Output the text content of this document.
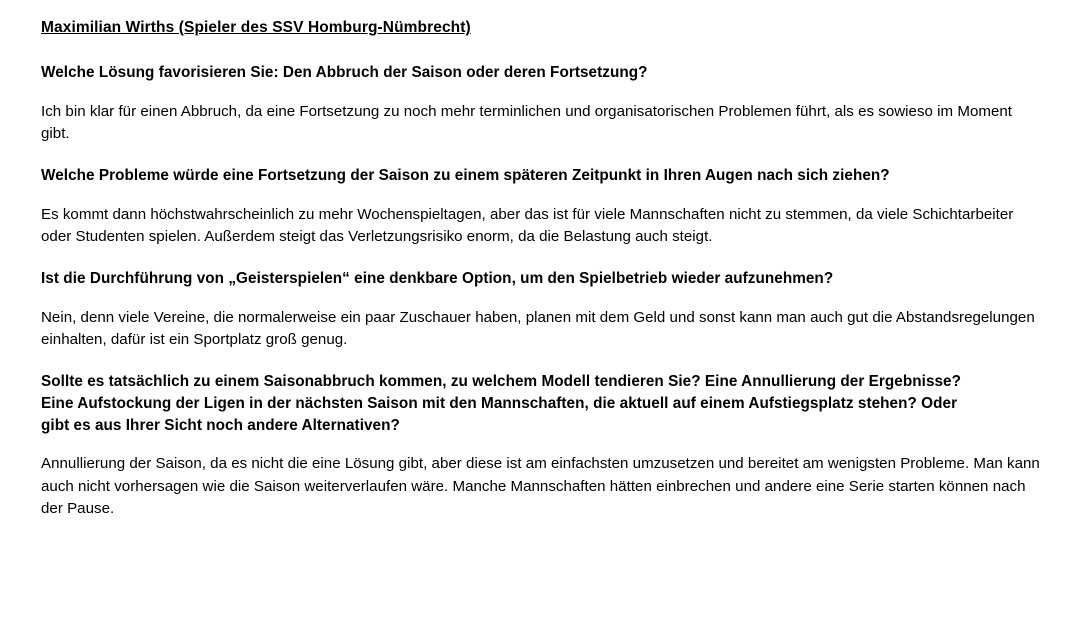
Maximilian Wirths (Spieler des SSV Homburg-Nümbrecht)

Welche Lösung favorisieren Sie: Den Abbruch der Saison oder deren Fortsetzung?

Ich bin klar für einen Abbruch, da eine Fortsetzung zu noch mehr terminlichen und organisatorischen Problemen führt, als es sowieso im Moment gibt.

Welche Probleme würde eine Fortsetzung der Saison zu einem späteren Zeitpunkt in Ihren Augen nach sich ziehen?

Es kommt dann höchstwahrscheinlich zu mehr Wochenspieltagen, aber das ist für viele Mannschaften nicht zu stemmen, da viele Schichtarbeiter oder Studenten spielen. Außerdem steigt das Verletzungsrisiko enorm, da die Belastung auch steigt.

Ist die Durchführung von „Geisterspielen“ eine denkbare Option, um den Spielbetrieb wieder aufzunehmen?

Nein, denn viele Vereine, die normalerweise ein paar Zuschauer haben, planen mit dem Geld und sonst kann man auch gut die Abstandsregelungen einhalten, dafür ist ein Sportplatz groß genug.

Sollte es tatsächlich zu einem Saisonabbruch kommen, zu welchem Modell tendieren Sie? Eine Annullierung der Ergebnisse? Eine Aufstockung der Ligen in der nächsten Saison mit den Mannschaften, die aktuell auf einem Aufstiegsplatz stehen? Oder gibt es aus Ihrer Sicht noch andere Alternativen?

Annullierung der Saison, da es nicht die eine Lösung gibt, aber diese ist am einfachsten umzusetzen und bereitet am wenigsten Probleme. Man kann auch nicht vorhersagen wie die Saison weiterverlaufen wäre. Manche Mannschaften hätten einbrechen und andere eine Serie starten können nach der Pause.
